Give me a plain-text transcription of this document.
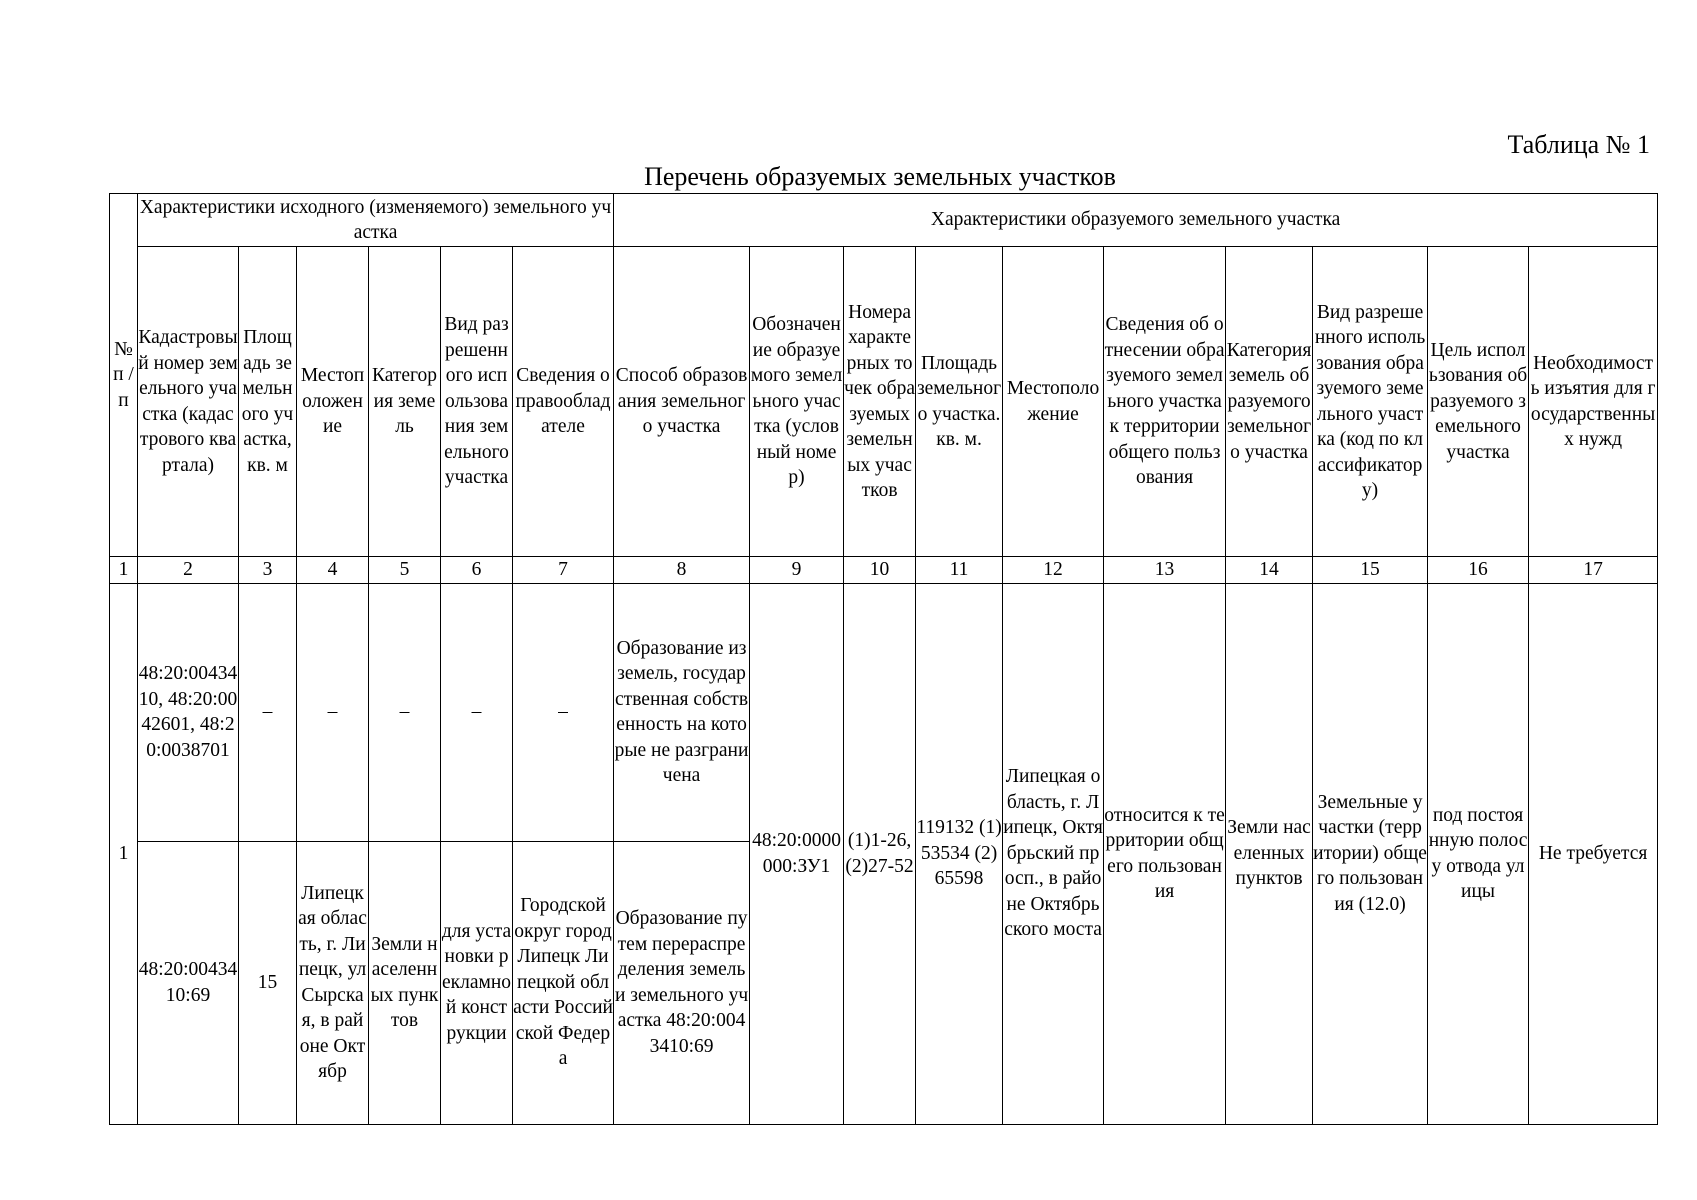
Таблица № 1
Перечень образуемых земельных участков
№ п / п	Характеристики исходного (изменяемого) земельного участка						Характеристики образуемого земельного участка									
	Кадастровый номер земельного участка (кадастрового квартала)	Площадь земельного участка, кв. м	Местоположение	Категория земель	Вид разрешенного использования земельного участка	Сведения о правообладателе	Способ образования земельного участка	Обозначение образуемого земельного участка (условный номер)	Номера характерных точек образуемых земельных участков	Площадь земельного участка. кв. м.	Местоположение	Сведения об отнесении образуемого земельного участка к территории общего пользования	Категория земель образуемого земельного участка	Вид разрешенного использования образуемого земельного участка (код по классификатору)	Цель использования образуемого земельного участка	Необходимость изъятия для государственных нужд
1	2	3	4	5	6	7	8	9	10	11	12	13	14	15	16	17
1	48:20:0043410, 48:20:0042601, 48:20:0038701	–	–	–	–	–	Образование из земель, государственная собственность на которые не разграничена	48:20:0000000:ЗУ1	(1)1-26, (2)27-52	119132 (1)53534 (2)65598	Липецкая область, г. Липецк, Октябрьский просп., в районе Октябрьского моста	относится к территории общего пользования	Земли населенных пунктов	Земельные участки (территории) общего пользования (12.0)	под постоянную полосу отвода улицы	Не требуется
	48:20:0043410:69	15	Липецкая область, г. Липецк, ул Сырская, в районе Октябр	Земли населенных пунктов	для установки рекламной конструкции	Городской округ город Липецк Липецкой области Российской Федера	Образование путем перераспределения земель и земельного участка 48:20:0043410:69									
